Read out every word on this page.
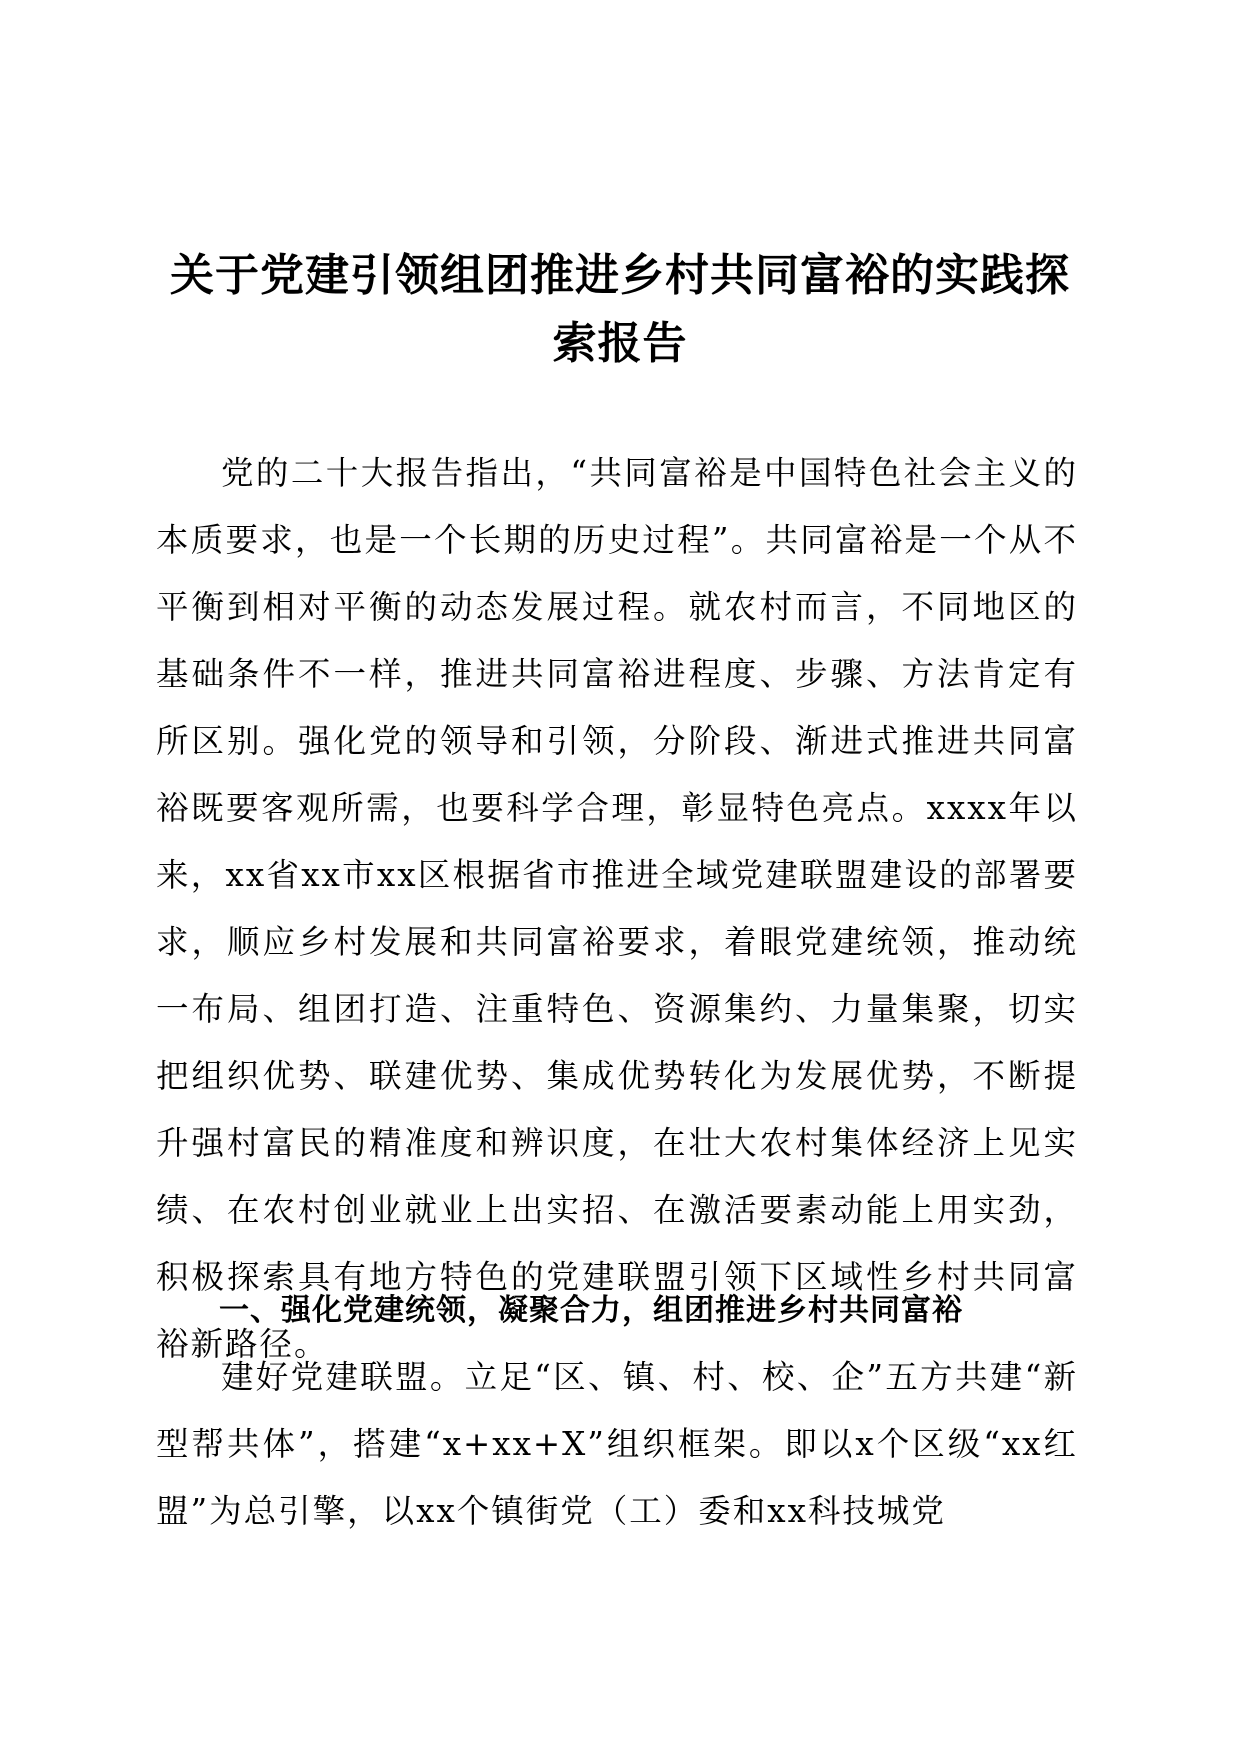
关于党建引领组团推进乡村共同富裕的实践探索报告

党的二十大报告指出，“共同富裕是中国特色社会主义的本质要求，也是一个长期的历史过程”。共同富裕是一个从不平衡到相对平衡的动态发展过程。就农村而言，不同地区的基础条件不一样，推进共同富裕进程度、步骤、方法肯定有所区别。强化党的领导和引领，分阶段、渐进式推进共同富裕既要客观所需，也要科学合理，彰显特色亮点。xxxx年以来，xx省xx市xx区根据省市推进全域党建联盟建设的部署要求，顺应乡村发展和共同富裕要求，着眼党建统领，推动统一布局、组团打造、注重特色、资源集约、力量集聚，切实把组织优势、联建优势、集成优势转化为发展优势，不断提升强村富民的精准度和辨识度，在壮大农村集体经济上见实绩、在农村创业就业上出实招、在激活要素动能上用实劲，积极探索具有地方特色的党建联盟引领下区域性乡村共同富裕新路径。

一、强化党建统领，凝聚合力，组团推进乡村共同富裕

建好党建联盟。立足“区、镇、村、校、企”五方共建“新型帮共体”，搭建“x+xx+X”组织框架。即以x个区级“xx红盟”为总引擎，以xx个镇街党（工）委和xx科技城党
